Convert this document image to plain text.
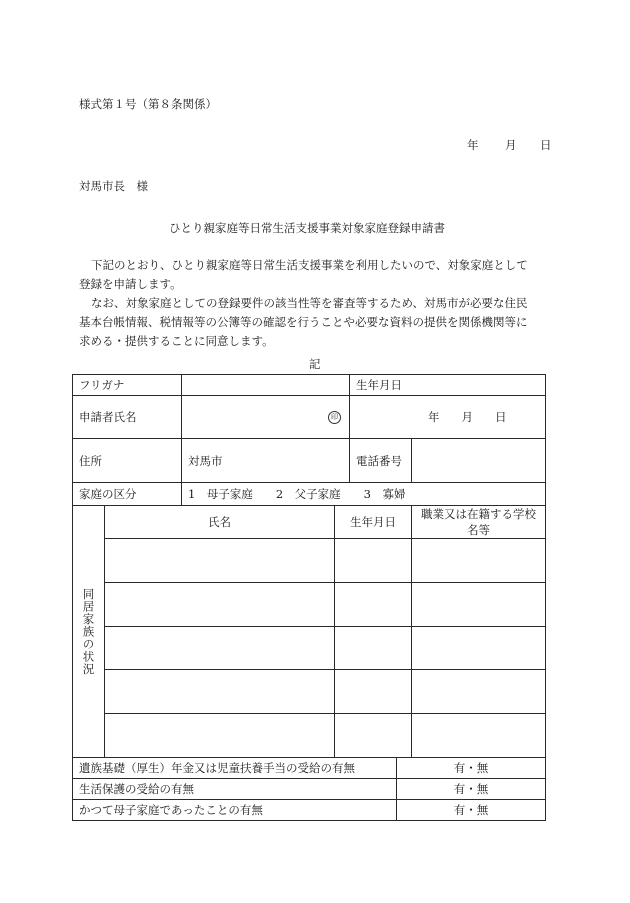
様式第１号（第８条関係）
年 月 日
対馬市長　様
ひとり親家庭等日常生活支援事業対象家庭登録申請書
下記のとおり、ひとり親家庭等日常生活支援事業を利用したいので、対象家庭として
登録を申請します。
なお、対象家庭としての登録要件の該当性等を審査等するため、対馬市が必要な住民
基本台帳情報、税情報等の公簿等の確認を行うことや必要な資料の提供を関係機関等に
求める・提供することに同意します。
記
フリガナ				生年月日		
申請者氏名		印		年 月 日		
住所		対馬市		電話番号		
家庭の区分		1　母子家庭　　2　父子家庭　　3　寡婦				
同居家族の状況	氏名		生年月日			職業又は在籍する学校名等

遺族基礎（厚生）年金又は児童扶養手当の受給の有無					有・無	
生活保護の受給の有無					有・無	
かつて母子家庭であったことの有無					有・無	
